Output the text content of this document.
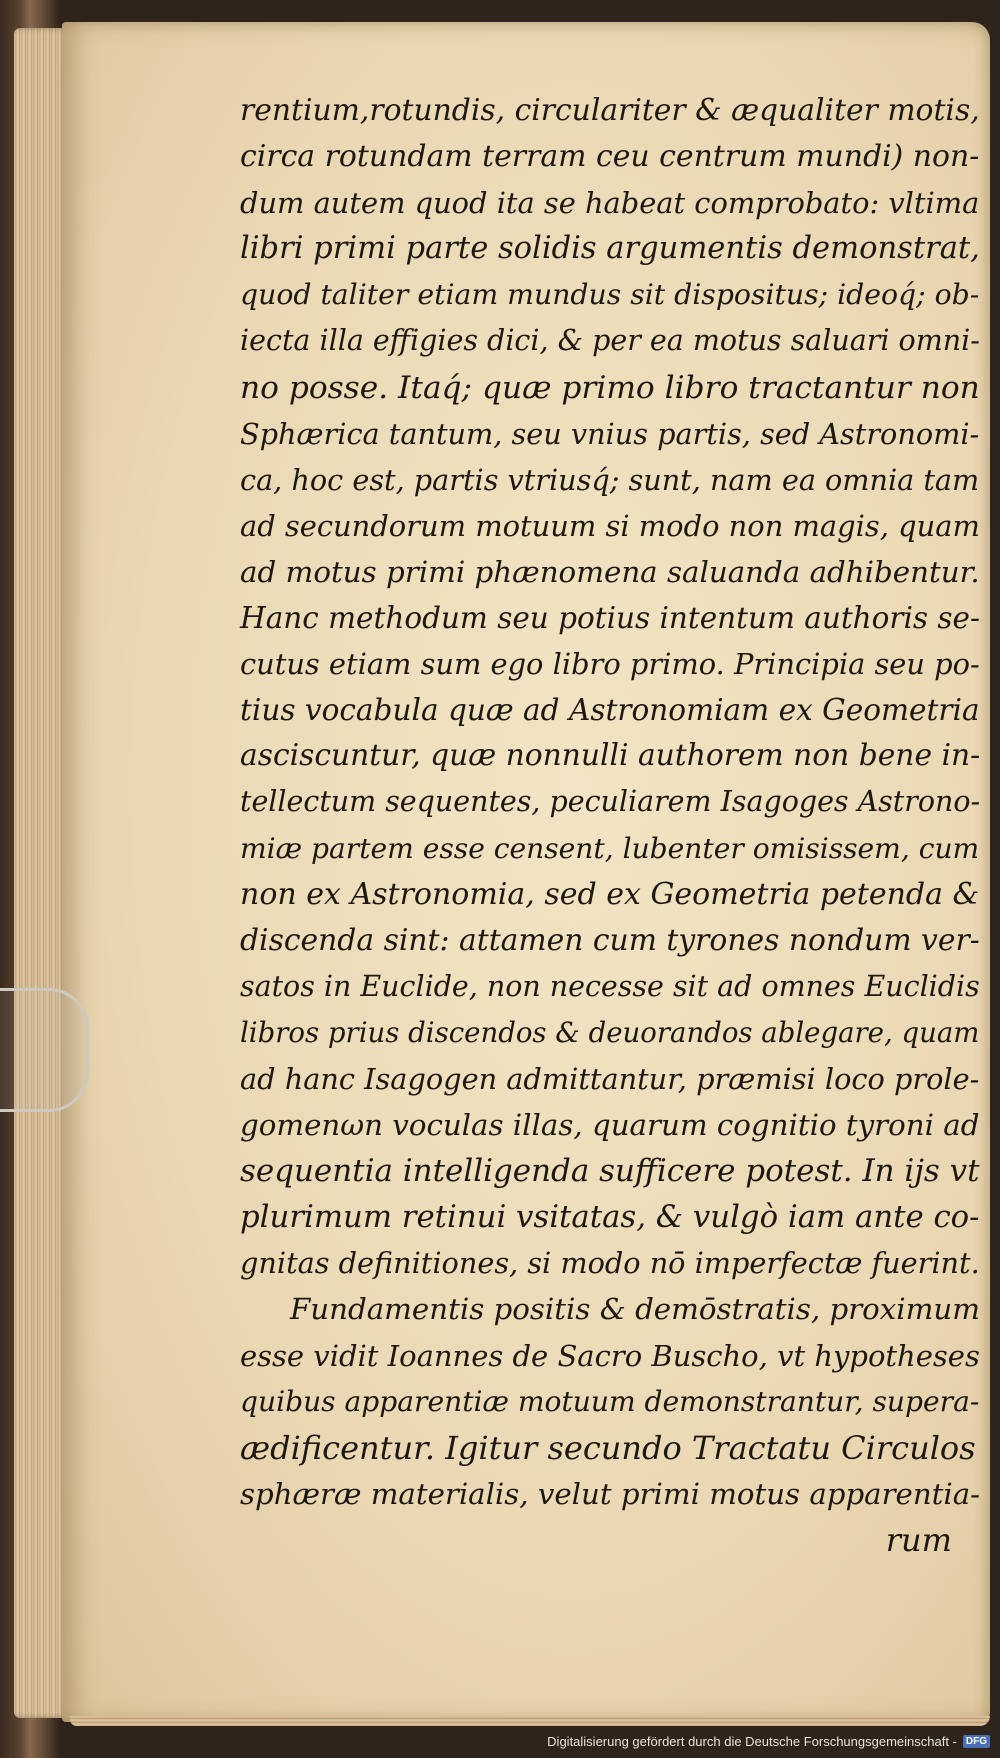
rentium,rotundis, circulariter & æqualiter motis,
circa rotundam terram ceu centrum mundi) non-
dum autem quod ita se habeat comprobato: vltima
libri primi parte solidis argumentis demonstrat,
quod taliter etiam mundus sit dispositus; ideoq́; ob-
iecta illa effigies dici, & per ea motus saluari omni-
no posse. Itaq́; quæ primo libro tractantur non
Sphærica tantum, seu vnius partis, sed Astronomi-
ca, hoc est, partis vtriusq́; sunt, nam ea omnia tam
ad secundorum motuum si modo non magis, quam
ad motus primi phænomena saluanda adhibentur.
Hanc methodum seu potius intentum authoris se-
cutus etiam sum ego libro primo. Principia seu po-
tius vocabula quæ ad Astronomiam ex Geometria
asciscuntur, quæ nonnulli authorem non bene in-
tellectum sequentes, peculiarem Isagoges Astrono-
miæ partem esse censent, lubenter omisissem, cum
non ex Astronomia, sed ex Geometria petenda &
discenda sint: attamen cum tyrones nondum ver-
satos in Euclide, non necesse sit ad omnes Euclidis
libros prius discendos & deuorandos ablegare, quam
ad hanc Isagogen admittantur, præmisi loco prole-
gomenωn voculas illas, quarum cognitio tyroni ad
sequentia intelligenda sufficere potest. In ijs vt
plurimum retinui vsitatas, & vulgò iam ante co-
gnitas definitiones, si modo nō imperfectæ fuerint.
Fundamentis positis & demōstratis, proximum
esse vidit Ioannes de Sacro Buscho, vt hypotheses
quibus apparentiæ motuum demonstrantur, supera-
ædificentur. Igitur secundo Tractatu Circulos
sphæræ materialis, velut primi motus apparentia-
rum
Digitalisierung gefördert durch die Deutsche Forschungsgemeinschaft - DFG
